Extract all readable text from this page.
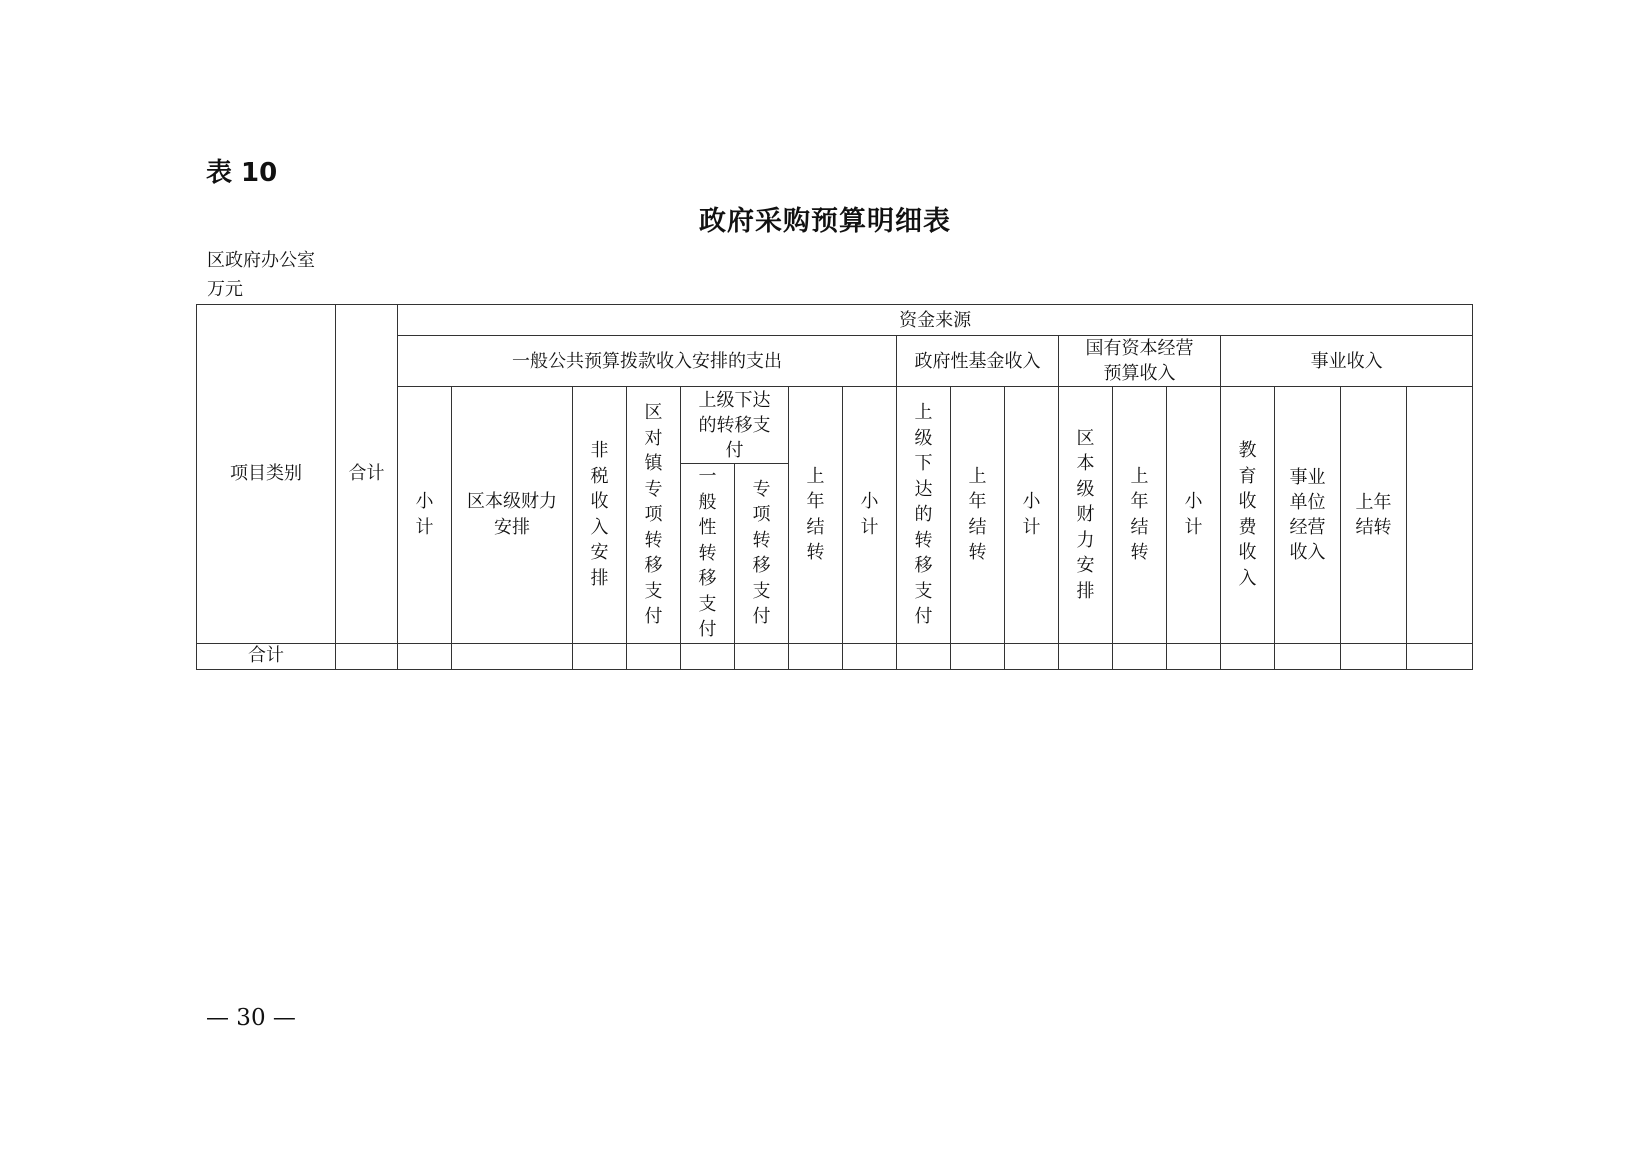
表 10
政府采购预算明细表
区政府办公室
万元
项目类别	合计	资金来源																		
		一般公共预算拨款收入安排的支出								政府性基金收入			国有资本经营预算收入			事业收入	
		小计	区本级财力安排	非税收入安排	区对镇专项转移支付	上级下达的转移支付		上年结转	小计	上级下达的转移支付	上年结转	小计	区本级财力安排	上年结转	小计	教育收费收入	事业单位经营收入	上年结转		
						一般性转移支付	专项转移支付													
合计																				
— 30 —
